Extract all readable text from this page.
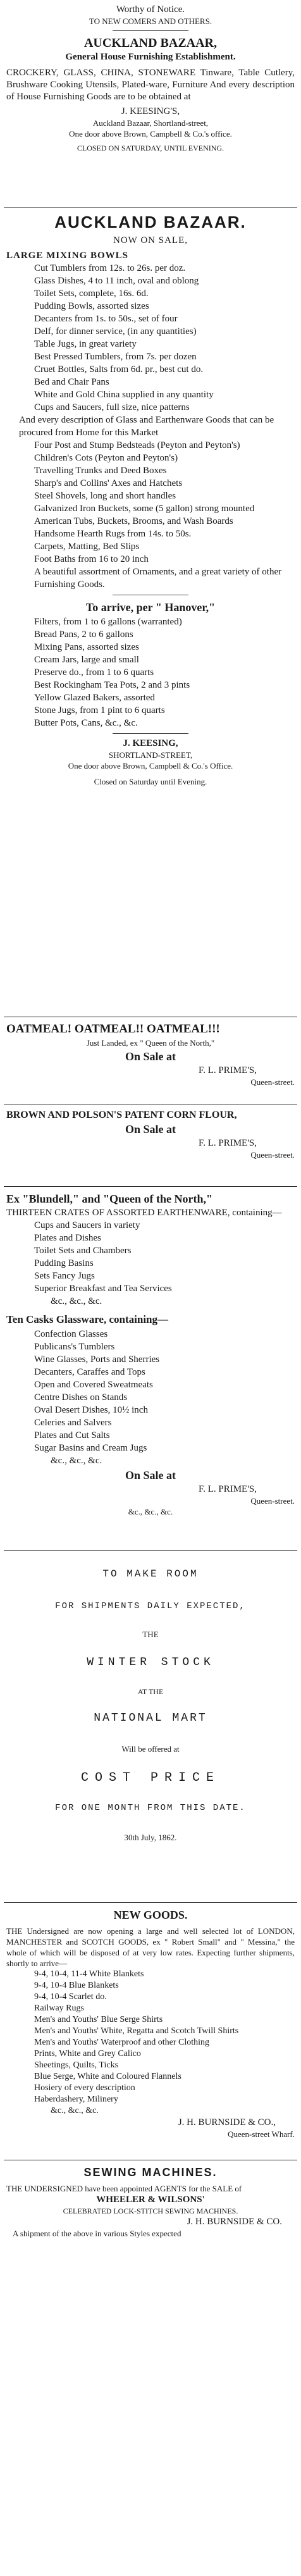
Worthy of Notice.
TO NEW COMERS AND OTHERS.
AUCKLAND BAZAAR,
General House Furnishing Establishment.
CROCKERY, GLASS, CHINA, STONEWARE Tinware, Table Cutlery, Brushware Cooking Utensils, Plated-ware, Furniture And every description of House Furnishing Goods are to be obtained at
J. KEESING'S,
Auckland Bazaar, Shortland-street,
One door above Brown, Campbell & Co.'s office.
CLOSED ON SATURDAY, UNTIL EVENING.
AUCKLAND BAZAAR.
NOW ON SALE,
LARGE MIXING BOWLS
Cut Tumblers from 12s. to 26s. per doz.
Glass Dishes, 4 to 11 inch, oval and oblong
Toilet Sets, complete, 16s. 6d.
Pudding Bowls, assorted sizes
Decanters from 1s. to 50s., set of four
Delf, for dinner service, (in any quantities)
Table Jugs, in great variety
Best Pressed Tumblers, from 7s. per dozen
Cruet Bottles, Salts from 6d. pr., best cut do.
Bed and Chair Pans
White and Gold China supplied in any quantity
Cups and Saucers, full size, nice patterns
And every description of Glass and Earthenware Goods that can be procured from Home for this Market
Four Post and Stump Bedsteads (Peyton and Peyton's)
Children's Cots (Peyton and Peyton's)
Travelling Trunks and Deed Boxes
Sharp's and Collins' Axes and Hatchets
Steel Shovels, long and short handles
Galvanized Iron Buckets, some (5 gallon) strong mounted
American Tubs, Buckets, Brooms, and Wash Boards
Handsome Hearth Rugs from 14s. to 50s.
Carpets, Matting, Bed Slips
Foot Baths from 16 to 20 inch
A beautiful assortment of Ornaments, and a great variety of other Furnishing Goods.
To arrive, per " Hanover,"
Filters, from 1 to 6 gallons (warranted)
Bread Pans, 2 to 6 gallons
Mixing Pans, assorted sizes
Cream Jars, large and small
Preserve do., from 1 to 6 quarts
Best Rockingham Tea Pots, 2 and 3 pints
Yellow Glazed Bakers, assorted
Stone Jugs, from 1 pint to 6 quarts
Butter Pots, Cans, &c., &c.
J. KEESING,
SHORTLAND-STREET,
One door above Brown, Campbell & Co.'s Office.
Closed on Saturday until Evening.
OATMEAL! OATMEAL!! OATMEAL!!!
Just Landed, ex " Queen of the North,"
On Sale at
F. L. PRIME'S,
Queen-street.
BROWN AND POLSON'S PATENT CORN FLOUR,
On Sale at
F. L. PRIME'S,
Queen-street.
Ex "Blundell," and "Queen of the North,"
THIRTEEN CRATES OF ASSORTED EARTHENWARE, containing—
Cups and Saucers in variety
Plates and Dishes
Toilet Sets and Chambers
Pudding Basins
Sets Fancy Jugs
Superior Breakfast and Tea Services
&c., &c., &c.
Ten Casks Glassware, containing—
Confection Glasses
Publicans's Tumblers
Wine Glasses, Ports and Sherries
Decanters, Caraffes and Tops
Open and Covered Sweatmeats
Centre Dishes on Stands
Oval Desert Dishes, 10½ inch
Celeries and Salvers
Plates and Cut Salts
Sugar Basins and Cream Jugs
&c., &c., &c.
On Sale at
F. L. PRIME'S,
Queen-street.
&c., &c., &c.
TO MAKE ROOM
FOR SHIPMENTS DAILY EXPECTED,
THE
WINTER STOCK
AT THE
NATIONAL MART
Will be offered at
COST PRICE
FOR ONE MONTH FROM THIS DATE.
30th July, 1862.
NEW GOODS.
THE Undersigned are now opening a large and well selected lot of LONDON, MANCHESTER and SCOTCH GOODS, ex " Robert Small" and " Messina," the whole of which will be disposed of at very low rates. Expecting further shipments, shortly to arrive—
9-4, 10-4, 11-4 White Blankets
9-4, 10-4 Blue Blankets
9-4, 10-4 Scarlet do.
Railway Rugs
Men's and Youths' Blue Serge Shirts
Men's and Youths' White, Regatta and Scotch Twill Shirts
Men's and Youths' Waterproof and other Clothing
Prints, White and Grey Calico
Sheetings, Quilts, Ticks
Blue Serge, White and Coloured Flannels
Hosiery of every description
Haberdashery, Milinery
&c., &c., &c.
J. H. BURNSIDE & CO.,
Queen-street Wharf.
SEWING MACHINES.
THE UNDERSIGNED have been appointed AGENTS for the SALE of
WHEELER & WILSONS'
CELEBRATED LOCK-STITCH SEWING MACHINES.
J. H. BURNSIDE & CO.
A shipment of the above in various Styles expected
